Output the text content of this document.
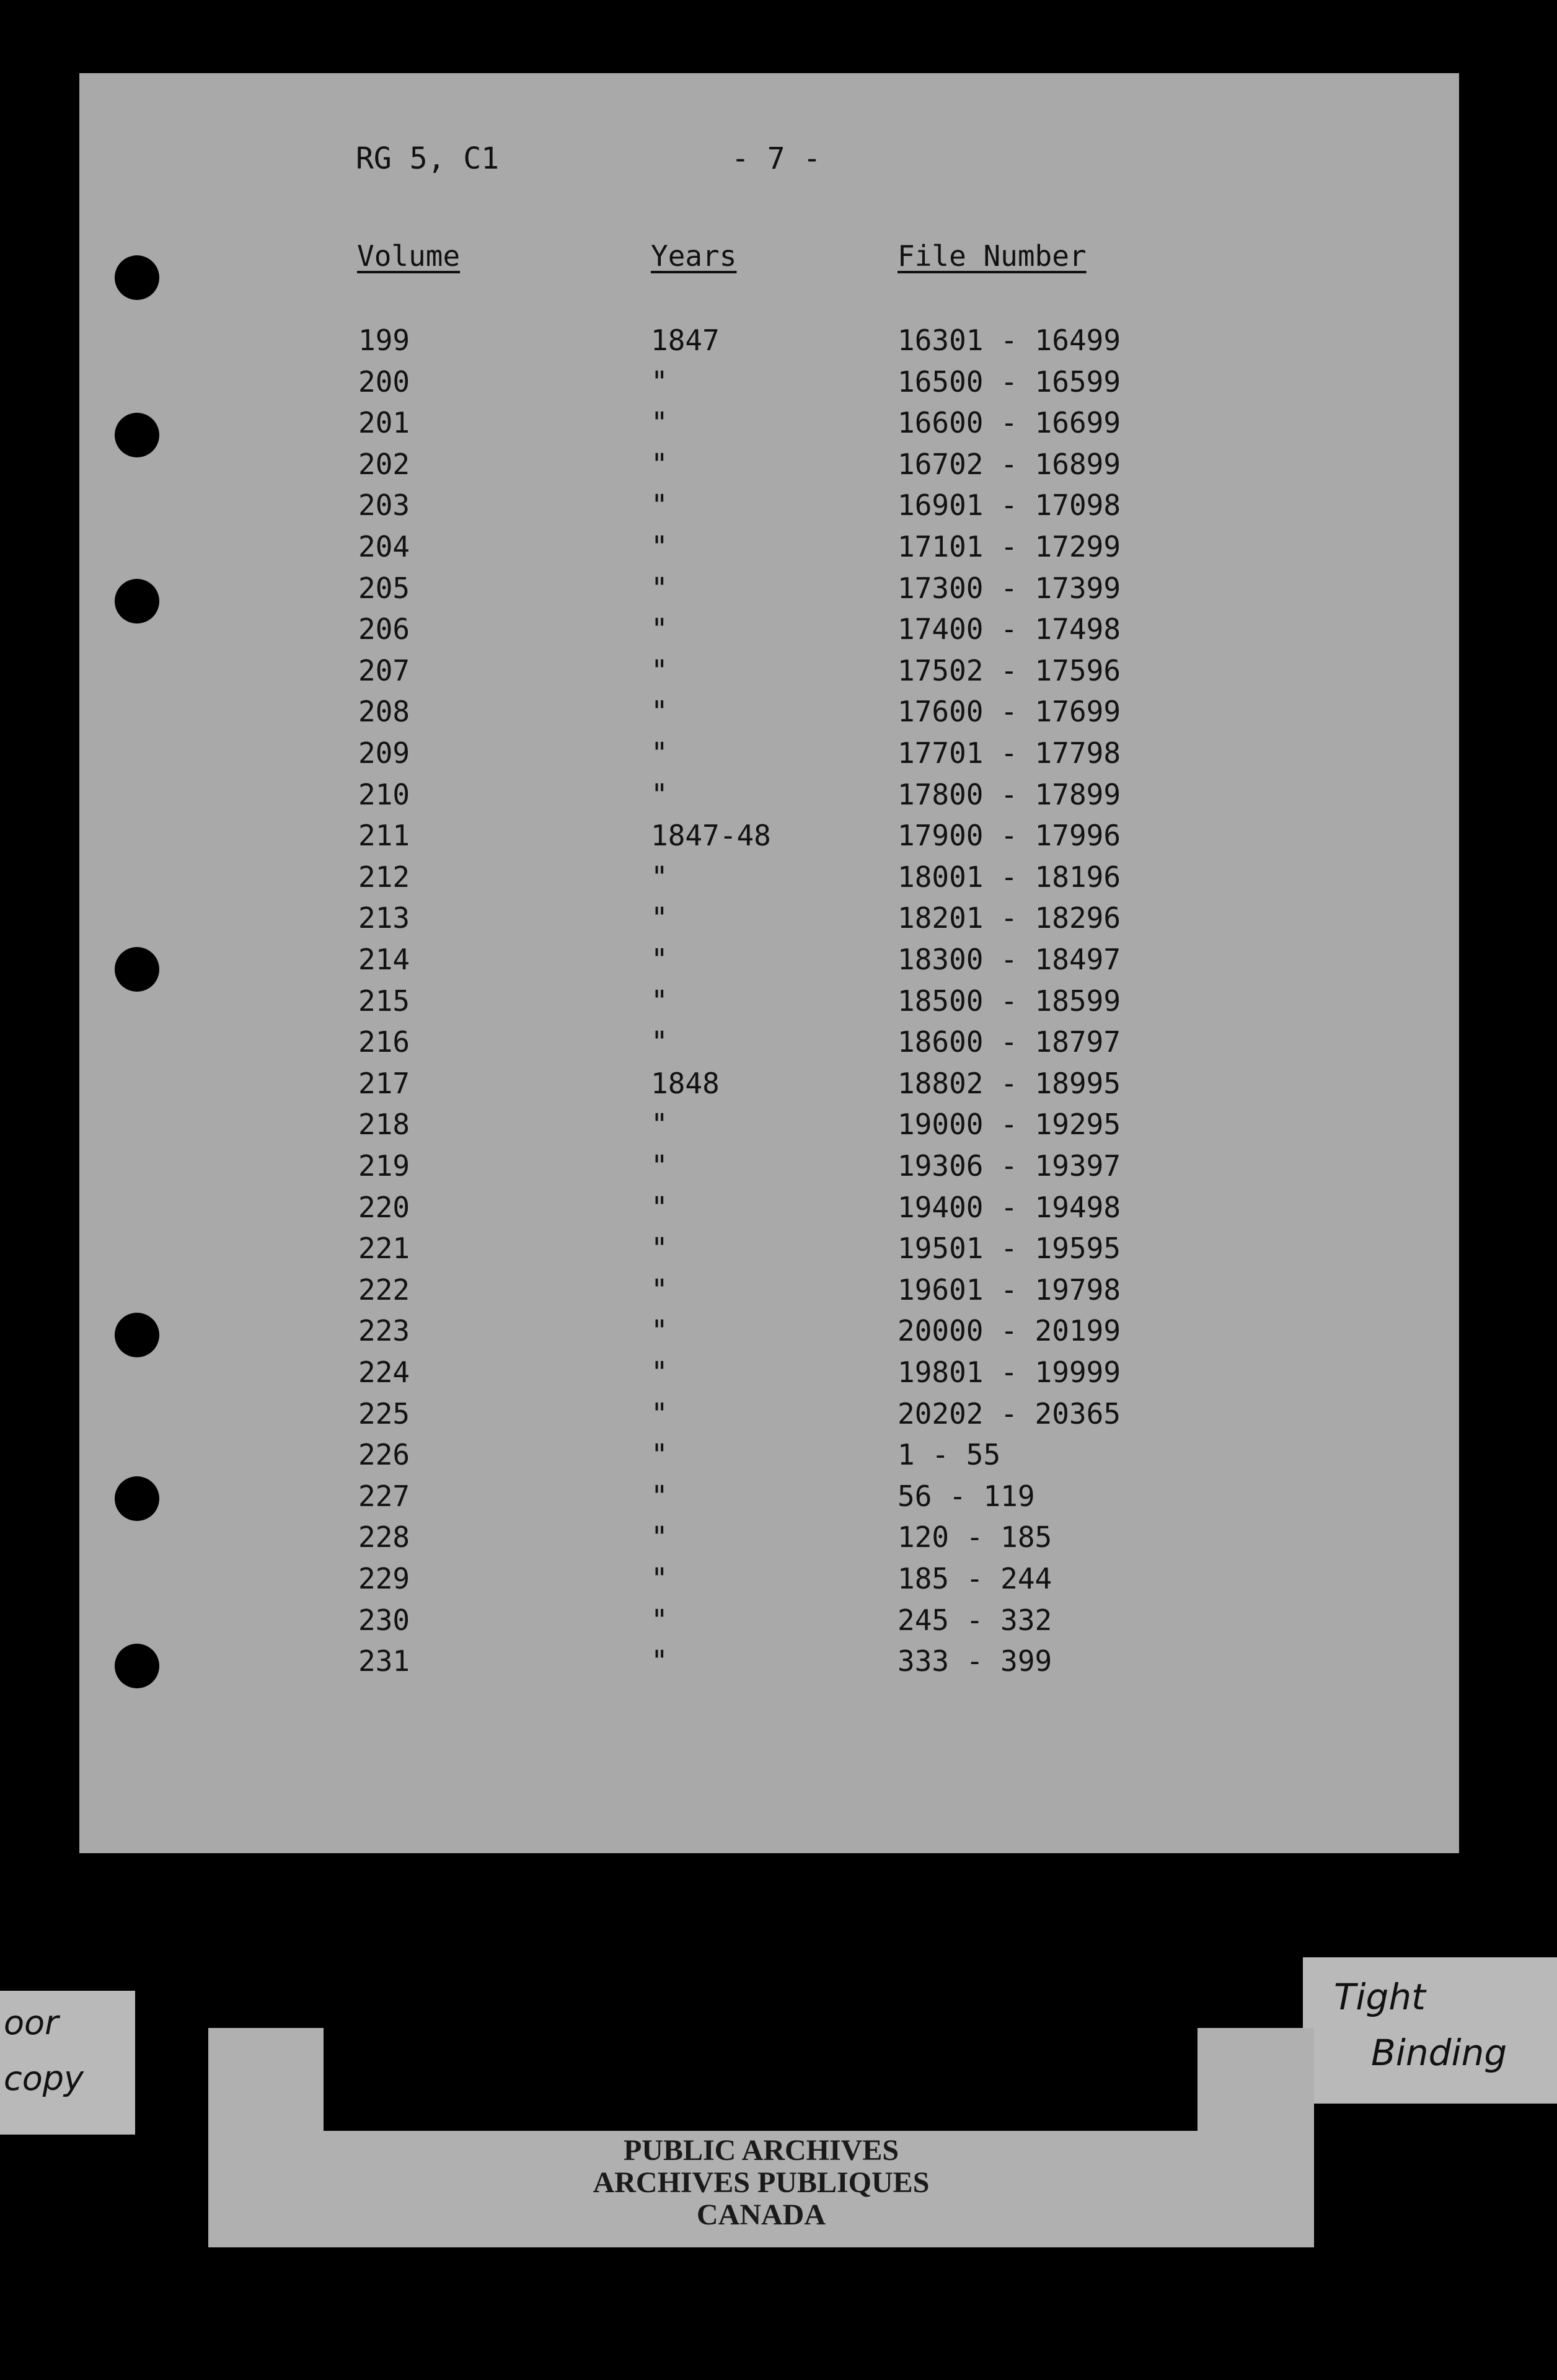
RG 5, C1	- 7 -
Volume	Years	File Number
199	1847	16301 - 16499
200	"	16500 - 16599
201	"	16600 - 16699
202	"	16702 - 16899
203	"	16901 - 17098
204	"	17101 - 17299
205	"	17300 - 17399
206	"	17400 - 17498
207	"	17502 - 17596
208	"	17600 - 17699
209	"	17701 - 17798
210	"	17800 - 17899
211	1847-48	17900 - 17996
212	"	18001 - 18196
213	"	18201 - 18296
214	"	18300 - 18497
215	"	18500 - 18599
216	"	18600 - 18797
217	1848	18802 - 18995
218	"	19000 - 19295
219	"	19306 - 19397
220	"	19400 - 19498
221	"	19501 - 19595
222	"	19601 - 19798
223	"	20000 - 20199
224	"	19801 - 19999
225	"	20202 - 20365
226	"	1 - 55
227	"	56 - 119
228	"	120 - 185
229	"	185 - 244
230	"	245 - 332
231	"	333 - 399
oor
copy
Tight
Binding
PUBLIC ARCHIVES
ARCHIVES PUBLIQUES
CANADA
